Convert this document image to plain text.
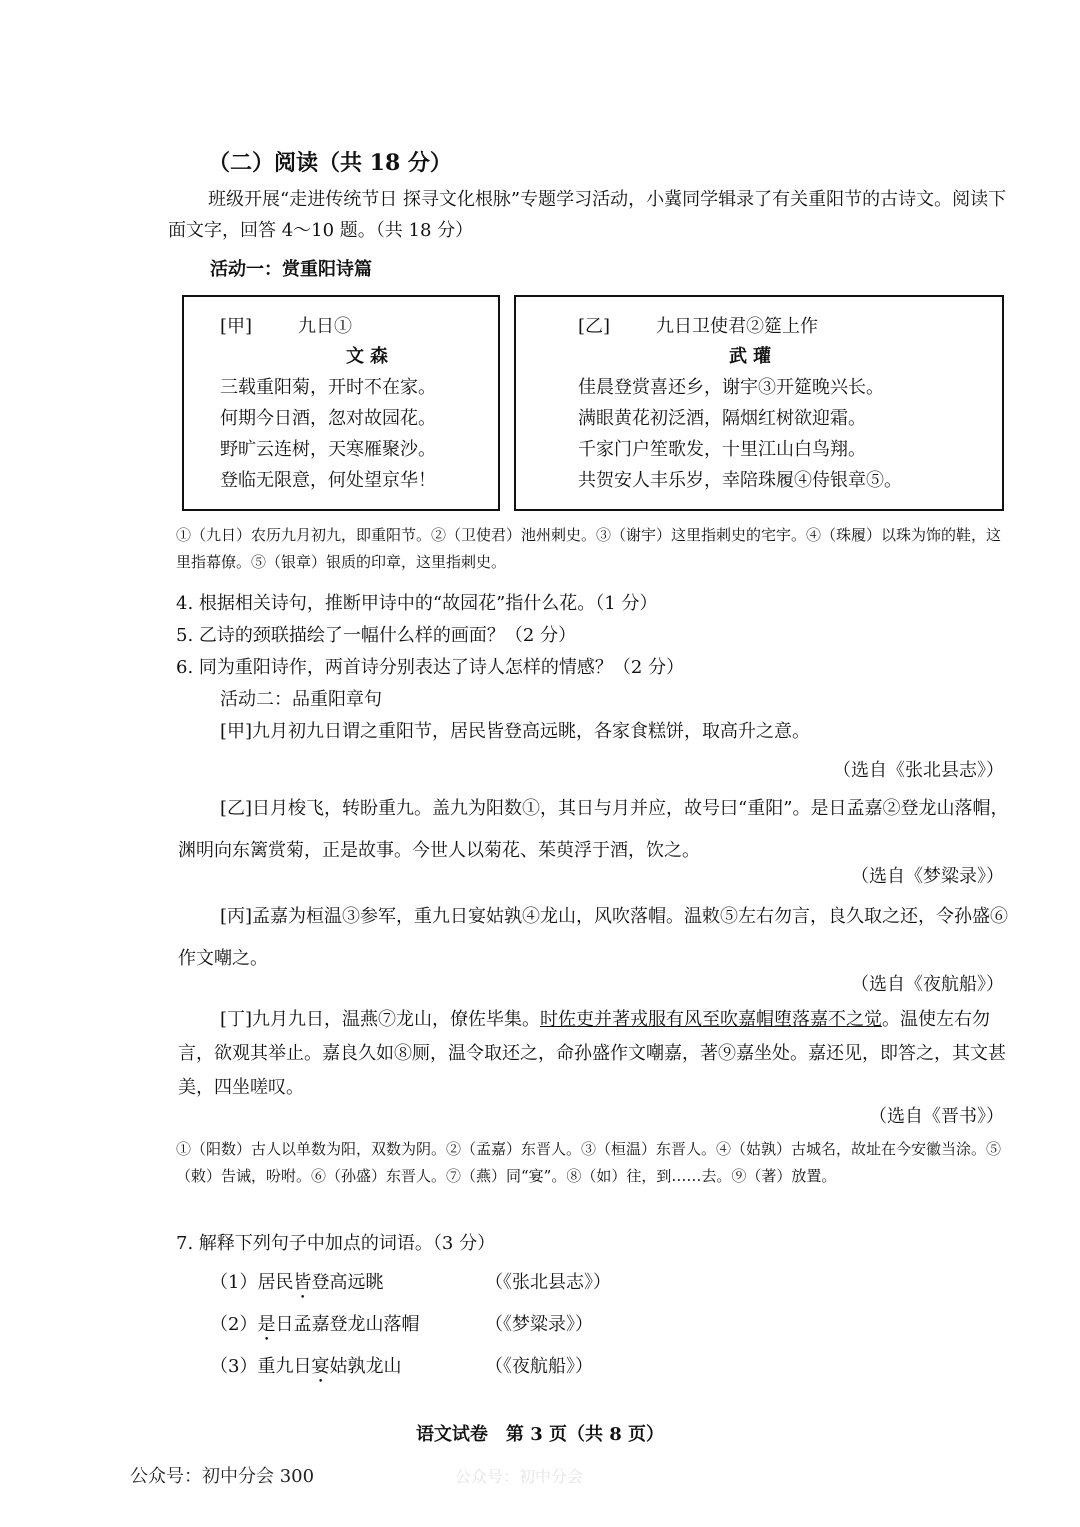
（二）阅读（共 18 分）
班级开展“走进传统节日 探寻文化根脉”专题学习活动，小冀同学辑录了有关重阳节的古诗文。阅读下面文字，回答 4～10 题。（共 18 分）
活动一：赏重阳诗篇
[甲]	九日①
文森
三载重阳菊，开时不在家。
何期今日酒，忽对故园花。
野旷云连树，天寒雁聚沙。
登临无限意，何处望京华！
[乙]	九日卫使君②筵上作
武瓘
佳晨登赏喜还乡，谢宇③开筵晚兴长。
满眼黄花初泛酒，隔烟红树欲迎霜。
千家门户笙歌发，十里江山白鸟翔。
共贺安人丰乐岁，幸陪珠履④侍银章⑤。
①（九日）农历九月初九，即重阳节。②（卫使君）池州刺史。③（谢宇）这里指刺史的宅宇。④（珠履）以珠为饰的鞋，这里指幕僚。⑤（银章）银质的印章，这里指刺史。
4. 根据相关诗句，推断甲诗中的“故园花”指什么花。（1 分）
5. 乙诗的颈联描绘了一幅什么样的画面？（2 分）
6. 同为重阳诗作，两首诗分别表达了诗人怎样的情感？（2 分）
活动二：品重阳章句
[甲]九月初九日谓之重阳节，居民皆登高远眺，各家食糕饼，取高升之意。
（选自《张北县志》）
[乙]日月梭飞，转盼重九。盖九为阳数①，其日与月并应，故号曰“重阳”。是日孟嘉②登龙山落帽，渊明向东篱赏菊，正是故事。今世人以菊花、茱萸浮于酒，饮之。
（选自《梦粱录》）
[丙]孟嘉为桓温③参军，重九日宴姑孰④龙山，风吹落帽。温敕⑤左右勿言，良久取之还，令孙盛⑥作文嘲之。
（选自《夜航船》）
[丁]九月九日，温燕⑦龙山，僚佐毕集。时佐吏并著戎服有风至吹嘉帽堕落嘉不之觉。温使左右勿言，欲观其举止。嘉良久如⑧厕，温令取还之，命孙盛作文嘲嘉，著⑨嘉坐处。嘉还见，即答之，其文甚美，四坐嗟叹。
（选自《晋书》）
①（阳数）古人以单数为阳，双数为阴。②（孟嘉）东晋人。③（桓温）东晋人。④（姑孰）古城名，故址在今安徽当涂。⑤（敕）告诫，吩咐。⑥（孙盛）东晋人。⑦（燕）同“宴”。⑧（如）往，到……去。⑨（著）放置。
7. 解释下列句子中加点的词语。（3 分）
（1）居民皆登高远眺	（《张北县志》）
（2）是日孟嘉登龙山落帽	（《梦粱录》）
（3）重九日宴姑孰龙山	（《夜航船》）
语文试卷　第 3 页（共 8 页）
公众号：初中分会 300	公众号：初中分会
